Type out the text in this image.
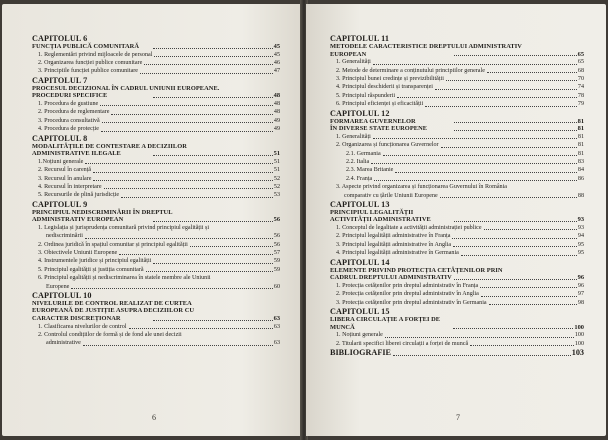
CAPITOLUL 6
FUNCȚIA PUBLICĂ COMUNITARĂ	45
1. Reglementări privind mijloacele de personal	45
2. Organizarea funcției publice comunitare	46
3. Principiile funcției publice comunitare	47
CAPITOLUL 7
PROCESUL DECIZIONAL ÎN CADRUL UNIUNII EUROPEANE.
PROCEDURI SPECIFICE	48
1. Procedura de gustiune	48
2. Procedura de reglementare	48
3. Procedura consultativă	49
4. Procedura de protecție	49
CAPITOLUL 8
MODALITĂȚILE DE CONTESTARE A DECIZIILOR
ADMINISTRATIVE ILEGALE	51
1.Noțiuni generale	51
2. Recursul în carență	51
3. Recursul în anulare	52
4. Recursul în interpretare	52
5. Recursurile de plină jurisdicție	53
CAPITOLUL 9
PRINCIPIUL NEDISCRIMINĂRII ÎN DREPTUL
ADMINISTRATIV EUROPEAN	56
1. Legislația și jurisprudența comunitară privind principiul egalității și
nediscriminării	56
2. Ordinea juridică în spațiul comunitar și principiul egalității	56
3. Obiectivele Uniunii Europene	57
4. Instrumentele juridice și principiul egalității	59
5. Principiul egalității și justiția comunitară	59
6. Principiul egalității și nediscriminarea în statele membre ale Uniunii
Europene	60
CAPITOLUL 10
NIVELURILE DE CONTROL REALIZAT DE CURTEA
EUROPEANĂ DE JUSTIȚIE ASUPRA DECIZIILOR CU
CARACTER DISCREȚIONAR	63
1. Clasificarea nivelurilor de control	63
2. Controlul condițiilor de formă și de fond ale unei decizii
administrative	63
6
CAPITOLUL 11
METODELE CARACTERISTICE DREPTULUI ADMINISTRATIV
EUROPEAN	65
1. Generalități	65
2. Metode de determinare a conținutului principiilor generale	68
3. Principiul bunei credințe și previzibilității	70
4. Principiul deschiderii și transparenței	74
5. Principiul răspunderii	78
6. Principiul eficienței și eficacității	79
CAPITOLUL 12
FORMAREA GUVERNELOR	81
ÎN DIVERSE STATE EUROPENE	81
1. Generalități	81
2. Organizarea și funcționarea Guvernelor	81
2.1. Germania	81
2.2. Italia	83
2.3. Marea Britanie	84
2.4. Franța	86
3. Aspecte privind organizarea și funcționarea Guvernului în România
comparativ cu țările Uniunii Europene	88
CAPITOLUL 13
PRINCIPIUL LEGALITĂȚII ACTIVITĂȚII ADMINISTRATIVE	93
1. Conceptul de legalitate a activității administrației publice	93
2. Principiul legalității administrative în Franța	94
3. Principiul legalității administrative în Anglia	95
4. Principiul legalității administrative în Germania	95
CAPITOLUL 14
ELEMENTE PRIVIND PROTECȚIA CETĂȚENILOR PRIN
CADRUL DREPTULUI ADMINISTRATIV	96
1. Protecția cetățenilor prin dreptul administrativ în Franța	96
2. Protecția cetățenilor prin dreptul administrativ în Anglia	97
3. Protecția cetățenilor prin dreptul administrativ în Germania	98
CAPITOLUL 15
LIBERA CIRCULAȚIE A FORȚEI DE MUNCĂ	100
1. Noțiuni generale	100
2. Titularii specifici liberei circulații a forței de muncă	100
BIBLIOGRAFIE	103
7
